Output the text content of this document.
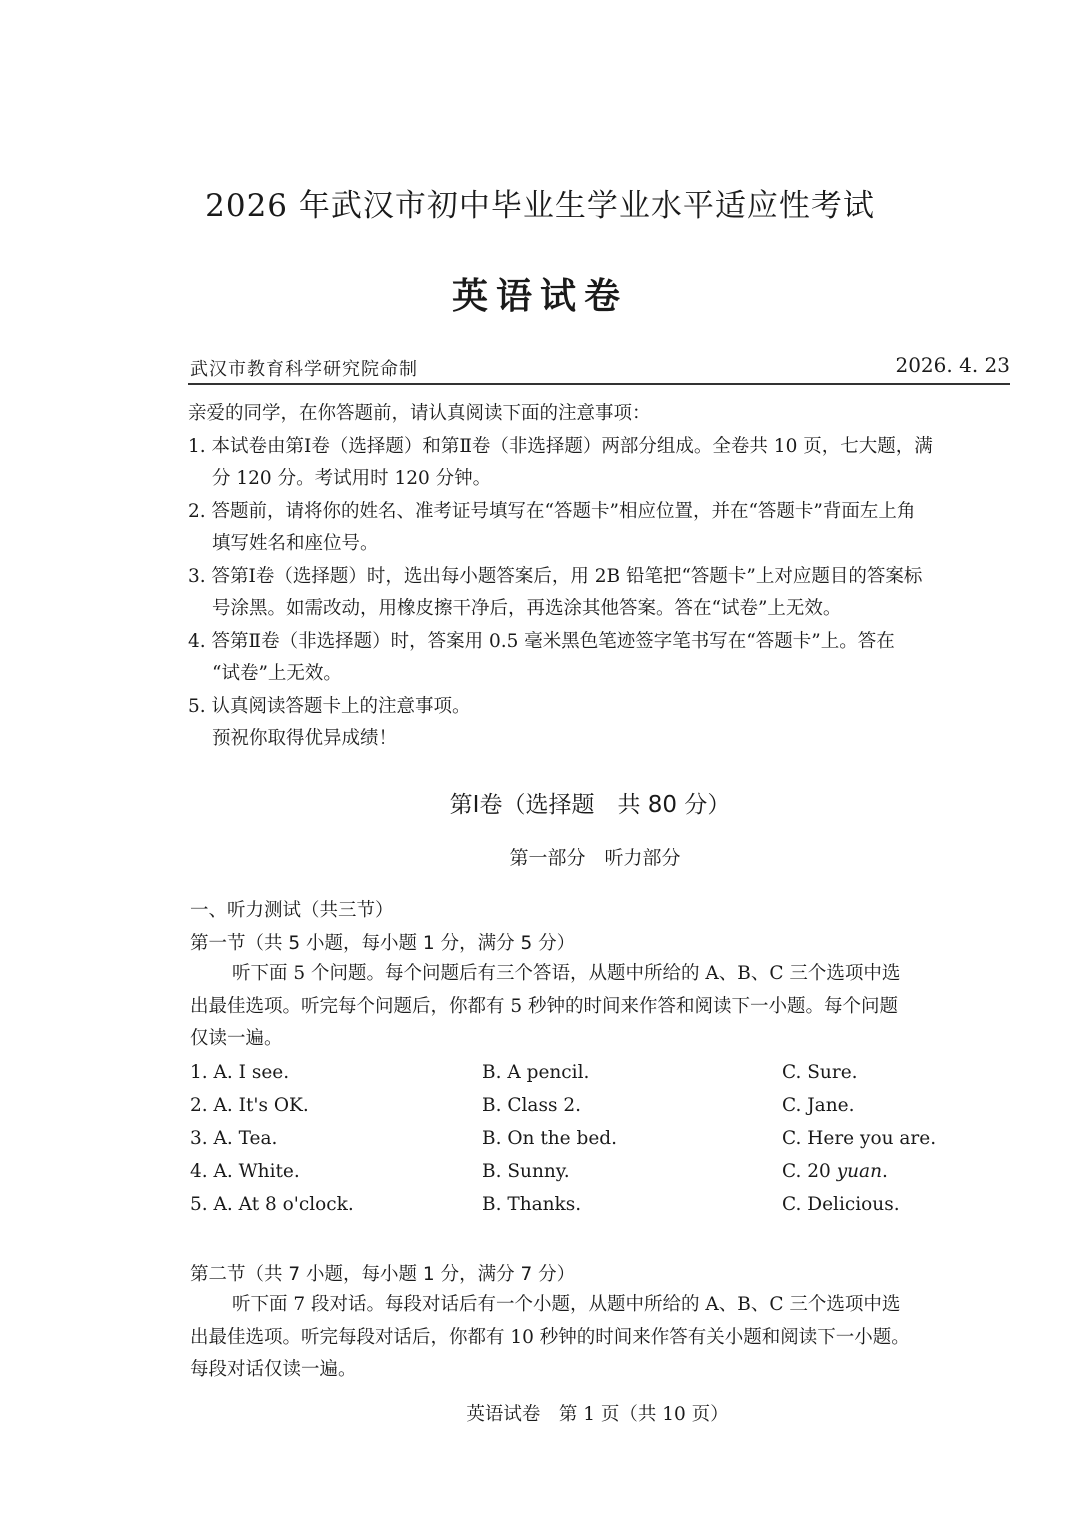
2026 年武汉市初中毕业生学业水平适应性考试
英语试卷
武汉市教育科学研究院命制	2026. 4. 23

亲爱的同学，在你答题前，请认真阅读下面的注意事项：

1. 本试卷由第Ⅰ卷（选择题）和第Ⅱ卷（非选择题）两部分组成。全卷共 10 页，七大题，满

分 120 分。考试用时 120 分钟。

2. 答题前，请将你的姓名、准考证号填写在“答题卡”相应位置，并在“答题卡”背面左上角

填写姓名和座位号。

3. 答第Ⅰ卷（选择题）时，选出每小题答案后，用 2B 铅笔把“答题卡”上对应题目的答案标

号涂黑。如需改动，用橡皮擦干净后，再选涂其他答案。答在“试卷”上无效。

4. 答第Ⅱ卷（非选择题）时，答案用 0.5 毫米黑色笔迹签字笔书写在“答题卡”上。答在

“试卷”上无效。

5. 认真阅读答题卡上的注意事项。

预祝你取得优异成绩！

第Ⅰ卷（选择题　共 80 分）
第一部分　听力部分
一、听力测试（共三节）
第一节（共 5 小题，每小题 1 分，满分 5 分）

听下面 5 个问题。每个问题后有三个答语，从题中所给的 A、B、C 三个选项中选

出最佳选项。听完每个问题后，你都有 5 秒钟的时间来作答和阅读下一小题。每个问题

仅读一遍。

1. A. I see.	B. A pencil.	C. Sure.
2. A. It's OK.	B. Class 2.	C. Jane.
3. A. Tea.	B. On the bed.	C. Here you are.
4. A. White.	B. Sunny.	C. 20 yuan.
5. A. At 8 o'clock.	B. Thanks.	C. Delicious.
第二节（共 7 小题，每小题 1 分，满分 7 分）

听下面 7 段对话。每段对话后有一个小题，从题中所给的 A、B、C 三个选项中选

出最佳选项。听完每段对话后，你都有 10 秒钟的时间来作答有关小题和阅读下一小题。

每段对话仅读一遍。

英语试卷　第 1 页（共 10 页）
